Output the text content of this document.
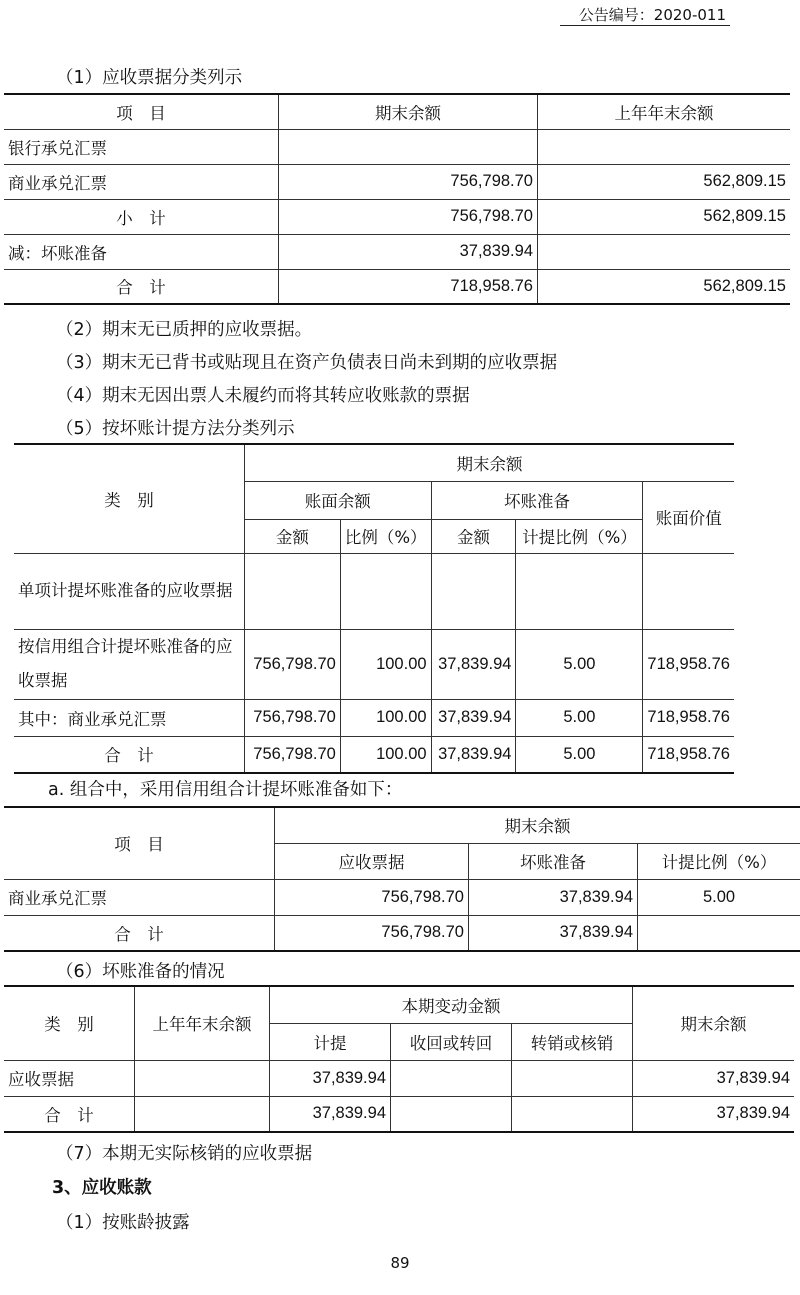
公告编号：2020-011
（1）应收票据分类列示
项　目	期末余额	上年年末余额
银行承兑汇票		
商业承兑汇票	756,798.70	562,809.15
小　计	756,798.70	562,809.15
减：坏账准备	37,839.94	
合　计	718,958.76	562,809.15
（2）期末无已质押的应收票据。
（3）期末无已背书或贴现且在资产负债表日尚未到期的应收票据
（4）期末无因出票人未履约而将其转应收账款的票据
（5）按坏账计提方法分类列示
类　别	期末余额				
	账面余额		坏账准备		账面价值
	金额	比例（%）	金额	计提比例（%）	
单项计提坏账准备的应收票据					
按信用组合计提坏账准备的应收票据	756,798.70	100.00	37,839.94	5.00	718,958.76
其中：商业承兑汇票	756,798.70	100.00	37,839.94	5.00	718,958.76
合　计	756,798.70	100.00	37,839.94	5.00	718,958.76
a. 组合中，采用信用组合计提坏账准备如下：
项　目	期末余额		
	应收票据	坏账准备	计提比例（%）
商业承兑汇票	756,798.70	37,839.94	5.00
合　计	756,798.70	37,839.94	
（6）坏账准备的情况
类　别	上年年末余额	本期变动金额			期末余额
		计提	收回或转回	转销或核销	
应收票据		37,839.94			37,839.94
合　计		37,839.94			37,839.94
（7）本期无实际核销的应收票据
3、应收账款
（1）按账龄披露
89
